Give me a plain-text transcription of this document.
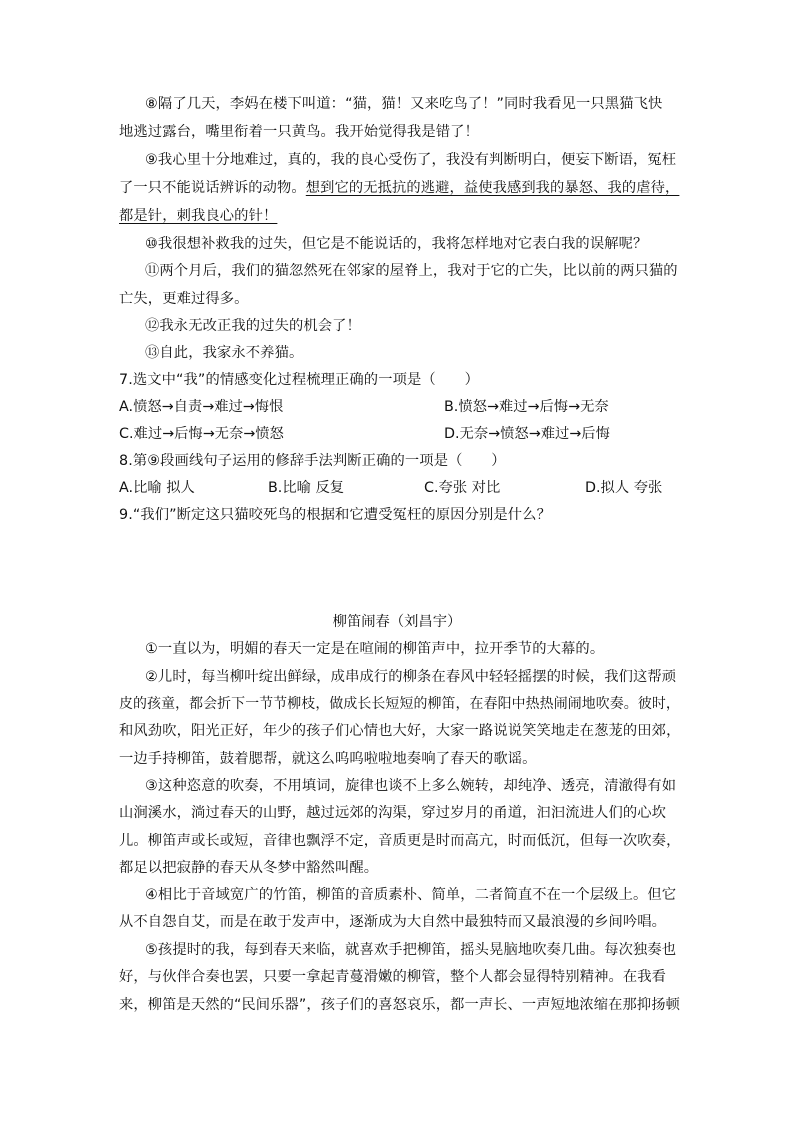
⑧隔了几天，李妈在楼下叫道：“猫，猫！又来吃鸟了！”同时我看见一只黑猫飞快
地逃过露台，嘴里衔着一只黄鸟。我开始觉得我是错了！
⑨我心里十分地难过，真的，我的良心受伤了，我没有判断明白，便妄下断语，冤枉
了一只不能说话辨诉的动物。想到它的无抵抗的逃避，益使我感到我的暴怒、我的虐待，
都是针，刺我良心的针！
⑩我很想补救我的过失，但它是不能说话的，我将怎样地对它表白我的误解呢？
⑪两个月后，我们的猫忽然死在邻家的屋脊上，我对于它的亡失，比以前的两只猫的
亡失，更难过得多。
⑫我永无改正我的过失的机会了！
⑬自此，我家永不养猫。
7.选文中“我”的情感变化过程梳理正确的一项是（　　）
A.愤怒→自责→难过→悔恨	B.愤怒→难过→后悔→无奈
C.难过→后悔→无奈→愤怒	D.无奈→愤怒→难过→后悔
8.第⑨段画线句子运用的修辞手法判断正确的一项是（　　）
A.比喻 拟人	B.比喻 反复	C.夸张 对比	D.拟人 夸张
9.“我们”断定这只猫咬死鸟的根据和它遭受冤枉的原因分别是什么？
柳笛闹春（刘昌宇）
①一直以为，明媚的春天一定是在喧闹的柳笛声中，拉开季节的大幕的。
②儿时，每当柳叶绽出鲜绿，成串成行的柳条在春风中轻轻摇摆的时候，我们这帮顽
皮的孩童，都会折下一节节柳枝，做成长长短短的柳笛，在春阳中热热闹闹地吹奏。彼时，
和风劲吹，阳光正好，年少的孩子们心情也大好，大家一路说说笑笑地走在葱茏的田郊，
一边手持柳笛，鼓着腮帮，就这么呜呜啦啦地奏响了春天的歌谣。
③这种恣意的吹奏，不用填词，旋律也谈不上多么婉转，却纯净、透亮，清澈得有如
山涧溪水，淌过春天的山野，越过远郊的沟渠，穿过岁月的甬道，汩汩流进人们的心坎
儿。柳笛声或长或短，音律也飘浮不定，音质更是时而高亢，时而低沉，但每一次吹奏，
都足以把寂静的春天从冬梦中豁然叫醒。
④相比于音域宽广的竹笛，柳笛的音质素朴、简单，二者简直不在一个层级上。但它
从不自怨自艾，而是在敢于发声中，逐渐成为大自然中最独特而又最浪漫的乡间吟唱。
⑤孩提时的我，每到春天来临，就喜欢手把柳笛，摇头晃脑地吹奏几曲。每次独奏也
好，与伙伴合奏也罢，只要一拿起青蔓滑嫩的柳管，整个人都会显得特别精神。在我看
来，柳笛是天然的“民间乐器”，孩子们的喜怒哀乐，都一声长、一声短地浓缩在那抑扬顿
